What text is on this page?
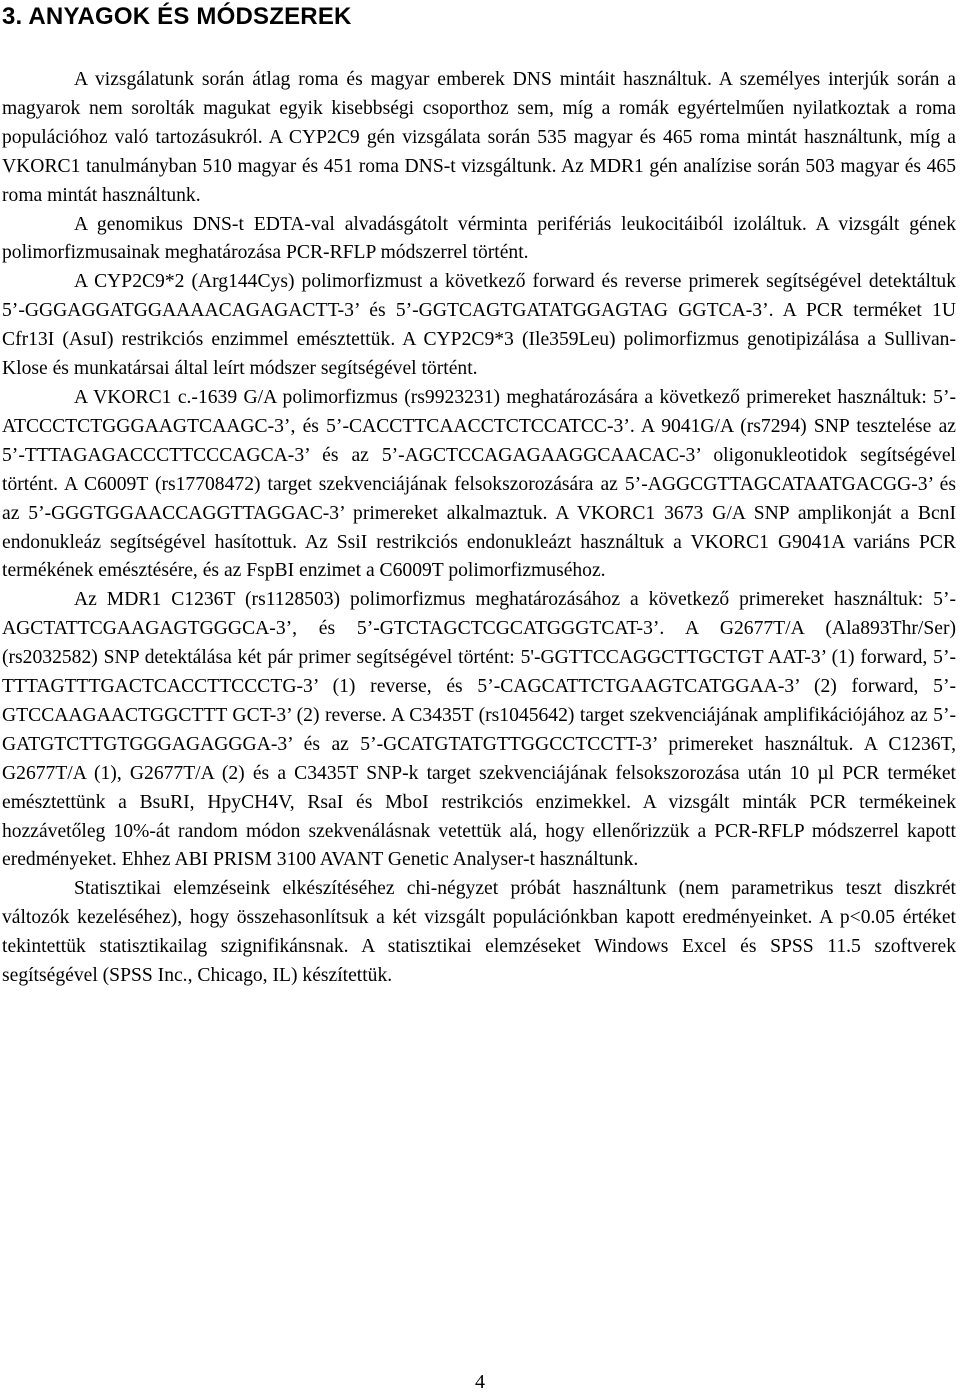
3. ANYAGOK ÉS MÓDSZEREK

A vizsgálatunk során átlag roma és magyar emberek DNS mintáit használtuk. A személyes interjúk során a magyarok nem sorolták magukat egyik kisebbségi csoporthoz sem, míg a romák egyértelműen nyilatkoztak a roma populációhoz való tartozásukról. A CYP2C9 gén vizsgálata során 535 magyar és 465 roma mintát használtunk, míg a VKORC1 tanulmányban 510 magyar és 451 roma DNS-t vizsgáltunk. Az MDR1 gén analízise során 503 magyar és 465 roma mintát használtunk.

A genomikus DNS-t EDTA-val alvadásgátolt vérminta perifériás leukocitáiból izoláltuk. A vizsgált gének polimorfizmusainak meghatározása PCR-RFLP módszerrel történt.

A CYP2C9*2 (Arg144Cys) polimorfizmust a következő forward és reverse primerek segítségével detektáltuk 5’-GGGAGGATGGAAAACAGAGACTT-3’ és 5’-GGTCAGTGATATGGAGTAG GGTCA-3’. A PCR terméket 1U Cfr13I (AsuI) restrikciós enzimmel emésztettük. A CYP2C9*3 (Ile359Leu) polimorfizmus genotipizálása a Sullivan-Klose és munkatársai által leírt módszer segítségével történt.

A VKORC1 c.-1639 G/A polimorfizmus (rs9923231) meghatározására a következő primereket használtuk: 5’-ATCCCTCTGGGAAGTCAAGC-3’, és 5’-CACCTTCAACCTCTCCATCC-3’. A 9041G/A (rs7294) SNP tesztelése az 5’-TTTAGAGACCCTTCCCAGCA-3’ és az 5’-AGCTCCAGAGAAGGCAACAC-3’ oligonukleotidok segítségével történt. A C6009T (rs17708472) target szekvenciájának felsokszorozására az 5’-AGGCGTTAGCATAATGACGG-3’ és az 5’-GGGTGGAACCAGGTTAGGAC-3’ primereket alkalmaztuk. A VKORC1 3673 G/A SNP amplikonját a BcnI endonukleáz segítségével hasítottuk. Az SsiI restrikciós endonukleázt használtuk a VKORC1 G9041A variáns PCR termékének emésztésére, és az FspBI enzimet a C6009T polimorfizmuséhoz.

Az MDR1 C1236T (rs1128503) polimorfizmus meghatározásához a következő primereket használtuk: 5’-AGCTATTCGAAGAGTGGGCA-3’, és 5’-GTCTAGCTCGCATGGGTCAT-3’. A G2677T/A (Ala893Thr/Ser) (rs2032582) SNP detektálása két pár primer segítségével történt: 5'-GGTTCCAGGCTTGCTGT AAT-3’ (1) forward, 5’- TTTAGTTTGACTCACCTTCCCTG-3’ (1) reverse, és 5’-CAGCATTCTGAAGTCATGGAA-3’ (2) forward, 5’-GTCCAAGAACTGGCTTT GCT-3’ (2) reverse. A C3435T (rs1045642) target szekvenciájának amplifikációjához az 5’-GATGTCTTGTGGGAGAGGGA-3’ és az 5’-GCATGTATGTTGGCCTCCTT-3’ primereket használtuk. A C1236T, G2677T/A (1), G2677T/A (2) és a C3435T SNP-k target szekvenciájának felsokszorozása után 10 µl PCR terméket emésztettünk a BsuRI, HpyCH4V, RsaI és MboI restrikciós enzimekkel. A vizsgált minták PCR termékeinek hozzávetőleg 10%-át random módon szekvenálásnak vetettük alá, hogy ellenőrizzük a PCR-RFLP módszerrel kapott eredményeket. Ehhez ABI PRISM 3100 AVANT Genetic Analyser-t használtunk.

Statisztikai elemzéseink elkészítéséhez chi-négyzet próbát használtunk (nem parametrikus teszt diszkrét változók kezeléséhez), hogy összehasonlítsuk a két vizsgált populációnkban kapott eredményeinket. A p<0.05 értéket tekintettük statisztikailag szignifikánsnak. A statisztikai elemzéseket Windows Excel és SPSS 11.5 szoftverek segítségével (SPSS Inc., Chicago, IL) készítettük.

4
